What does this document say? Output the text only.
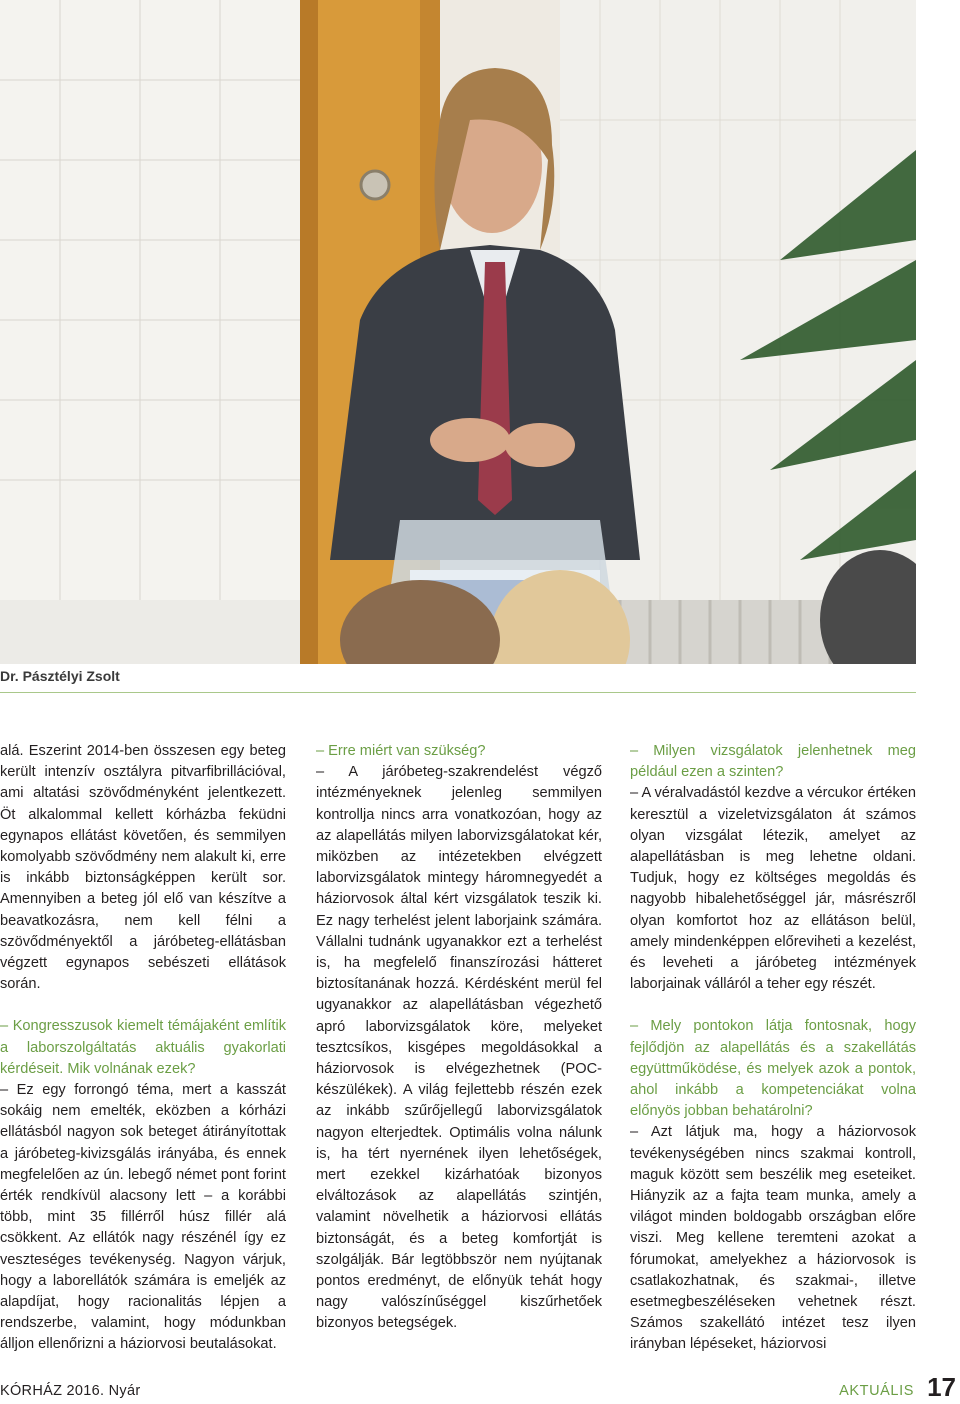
Dr. Pásztélyi Zsolt

alá. Eszerint 2014-ben összesen egy beteg került intenzív osztályra pitvarfibrillációval, ami altatási szövődményként jelentkezett. Öt alkalommal kellett kórházba feküdni egynapos ellátást követően, és semmilyen komolyabb szövődmény nem alakult ki, erre is inkább biztonságképpen került sor. Amennyiben a beteg jól elő van készítve a beavatkozásra, nem kell félni a szövődményektől a járóbeteg-ellátásban végzett egynapos sebészeti ellátások során.

– Kongresszusok kiemelt témájaként említik a laborszolgáltatás aktuális gyakorlati kérdéseit. Mik volnának ezek?

– Ez egy forrongó téma, mert a kasszát sokáig nem emelték, eközben a kórházi ellátásból nagyon sok beteget átirányítottak a járóbeteg-kivizsgálás irányába, és ennek megfelelően az ún. lebegő német pont forint érték rendkívül alacsony lett – a korábbi több, mint 35 fillérről húsz fillér alá csökkent. Az ellátók nagy részénél így ez veszteséges tevékenység. Nagyon várjuk, hogy a laborellátók számára is emeljék az alapdíjat, hogy racionalitás lépjen a rendszerbe, valamint, hogy módunkban álljon ellenőrizni a háziorvosi beutalásokat.

– Erre miért van szükség?

– A járóbeteg-szakrendelést végző intézményeknek jelenleg semmilyen kontrollja nincs arra vonatkozóan, hogy az az alapellátás milyen laborvizsgálatokat kér, miközben az intézetekben elvégzett laborvizsgálatok mintegy háromnegyedét a háziorvosok által kért vizsgálatok teszik ki. Ez nagy terhelést jelent laborjaink számára. Vállalni tudnánk ugyanakkor ezt a terhelést is, ha megfelelő finanszírozási hátteret biztosítanának hozzá. Kérdésként merül fel ugyanakkor az alapellátásban végezhető apró laborvizsgálatok köre, melyeket tesztcsíkos, kisgépes megoldásokkal a háziorvosok is elvégezhetnek (POC-készülékek). A világ fejlettebb részén ezek az inkább szűrőjellegű laborvizsgálatok nagyon elterjedtek. Optimális volna nálunk is, ha tért nyernének ilyen lehetőségek, mert ezekkel kizárhatóak bizonyos elváltozások az alapellátás szintjén, valamint növelhetik a háziorvosi ellátás biztonságát, és a beteg komfortját is szolgálják. Bár legtöbbször nem nyújtanak pontos eredményt, de előnyük tehát hogy nagy valószínűséggel kiszűrhetőek bizonyos betegségek.

– Milyen vizsgálatok jelenhetnek meg például ezen a szinten?

– A véralvadástól kezdve a vércukor értéken keresztül a vizeletvizsgálaton át számos olyan vizsgálat létezik, amelyet az alapellátásban is meg lehetne oldani. Tudjuk, hogy ez költséges megoldás és nagyobb hibalehetőséggel jár, másrészről olyan komfortot hoz az ellátáson belül, amely mindenképpen előreviheti a kezelést, és leveheti a járóbeteg intézmények laborjainak válláról a teher egy részét.

– Mely pontokon látja fontosnak, hogy fejlődjön az alapellátás és a szakellátás együttműködése, és melyek azok a pontok, ahol inkább a kompetenciákat volna előnyös jobban behatárolni?

– Azt látjuk ma, hogy a háziorvosok tevékenységében nincs szakmai kontroll, maguk között sem beszélik meg eseteiket. Hiányzik az a fajta team munka, amely a világot minden boldogabb országban előre viszi. Meg kellene teremteni azokat a fórumokat, amelyekhez a háziorvosok is csatlakozhatnak, és szakmai-, illetve esetmegbeszéléseken vehetnek részt. Számos szakellátó intézet tesz ilyen irányban lépéseket, háziorvosi

KÓRHÁZ 2016. Nyár	AKTUÁLIS 17
